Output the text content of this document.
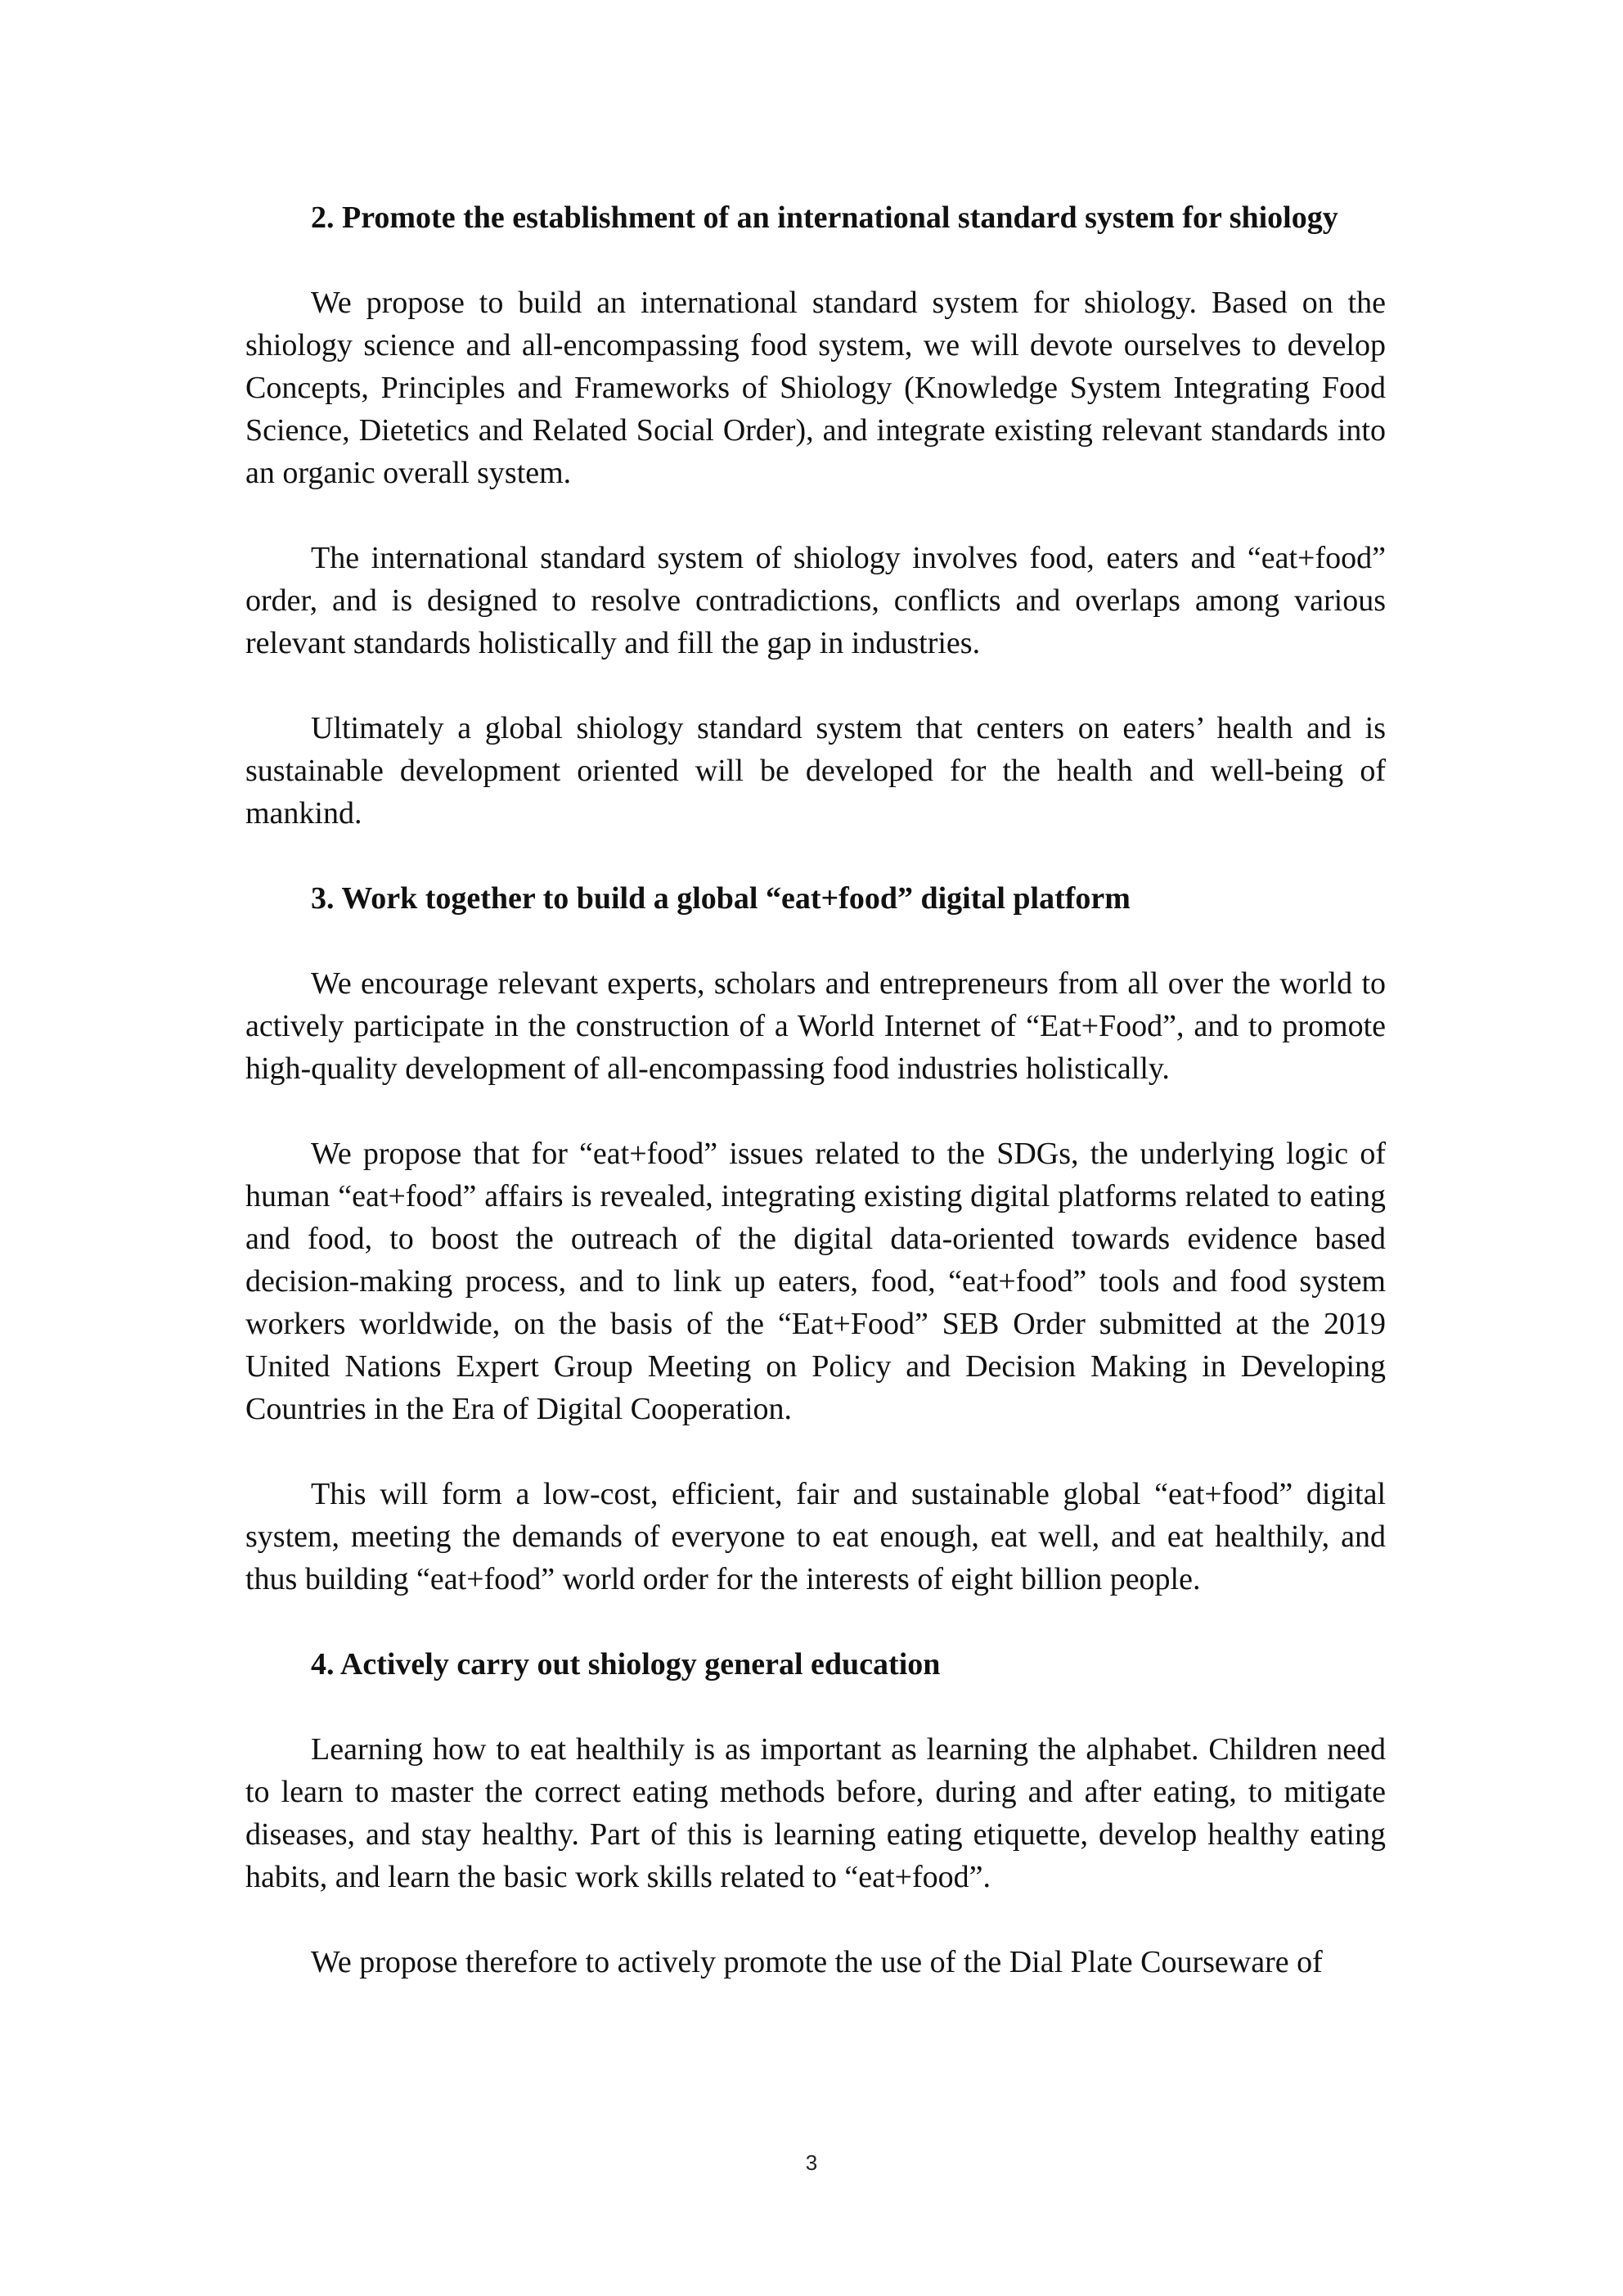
2. Promote the establishment of an international standard system for shiology

We propose to build an international standard system for shiology. Based on the shiology science and all-encompassing food system, we will devote ourselves to develop Concepts, Principles and Frameworks of Shiology (Knowledge System Integrating Food Science, Dietetics and Related Social Order), and integrate existing relevant standards into an organic overall system.

The international standard system of shiology involves food, eaters and “eat+food” order, and is designed to resolve contradictions, conflicts and overlaps among various relevant standards holistically and fill the gap in industries.

Ultimately a global shiology standard system that centers on eaters’ health and is sustainable development oriented will be developed for the health and well-being of mankind.

3. Work together to build a global “eat+food” digital platform

We encourage relevant experts, scholars and entrepreneurs from all over the world to actively participate in the construction of a World Internet of “Eat+Food”, and to promote high-quality development of all-encompassing food industries holistically.

We propose that for “eat+food” issues related to the SDGs, the underlying logic of human “eat+food” affairs is revealed, integrating existing digital platforms related to eating and food, to boost the outreach of the digital data-oriented towards evidence based decision-making process, and to link up eaters, food, “eat+food” tools and food system workers worldwide, on the basis of the “Eat+Food” SEB Order submitted at the 2019 United Nations Expert Group Meeting on Policy and Decision Making in Developing Countries in the Era of Digital Cooperation.

This will form a low-cost, efficient, fair and sustainable global “eat+food” digital system, meeting the demands of everyone to eat enough, eat well, and eat healthily, and thus building “eat+food” world order for the interests of eight billion people.

4. Actively carry out shiology general education

Learning how to eat healthily is as important as learning the alphabet. Children need to learn to master the correct eating methods before, during and after eating, to mitigate diseases, and stay healthy. Part of this is learning eating etiquette, develop healthy eating habits, and learn the basic work skills related to “eat+food”.

We propose therefore to actively promote the use of the Dial Plate Courseware of

3
